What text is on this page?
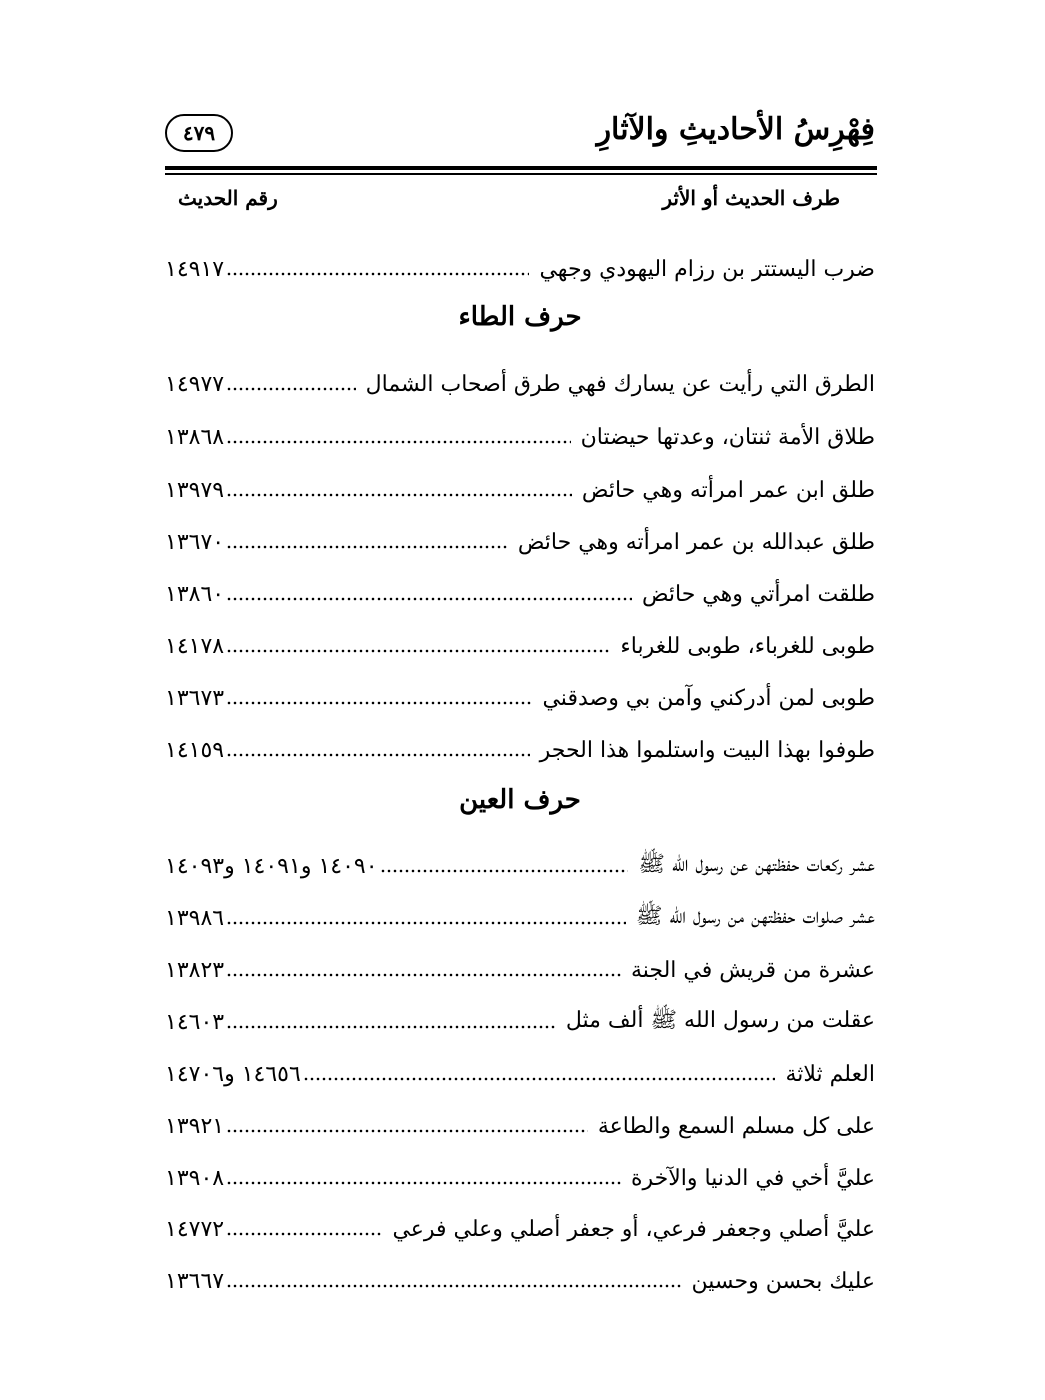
فِهْرِسُ الأحاديثِ والآثارِ
٤٧٩
طرف الحديث أو الأثر
رقم الحديث
ضرب اليستتر بن رزام اليهودي وجهي
١٤٩١٧
حرف الطاء
الطرق التي رأيت عن يسارك فهي طرق أصحاب الشمال
١٤٩٧٧
طلاق الأمة ثنتان، وعدتها حيضتان
١٣٨٦٨
طلق ابن عمر امرأته وهي حائض
١٣٩٧٩
طلق عبدالله بن عمر امرأته وهي حائض
١٣٦٧٠
طلقت امرأتي وهي حائض
١٣٨٦٠
طوبى للغرباء، طوبى للغرباء
١٤١٧٨
طوبى لمن أدركني وآمن بي وصدقني
١٣٦٧٣
طوفوا بهذا البيت واستلموا هذا الحجر
١٤١٥٩
حرف العين
عشر ركعات حفظتهن عن رسول الله ﷺ
١٤٠٩٠ و١٤٠٩١ و١٤٠٩٣
عشر صلوات حفظتهن من رسول الله ﷺ
١٣٩٨٦
عشرة من قريش في الجنة
١٣٨٢٣
عقلت من رسول الله ﷺ ألف مثل
١٤٦٠٣
العلم ثلاثة
١٤٦٥٦ و١٤٧٠٦
على كل مسلم السمع والطاعة
١٣٩٢١
عليَّ أخي في الدنيا والآخرة
١٣٩٠٨
عليَّ أصلي وجعفر فرعي، أو جعفر أصلي وعلي فرعي
١٤٧٧٢
عليك بحسن وحسين
١٣٦٦٧
